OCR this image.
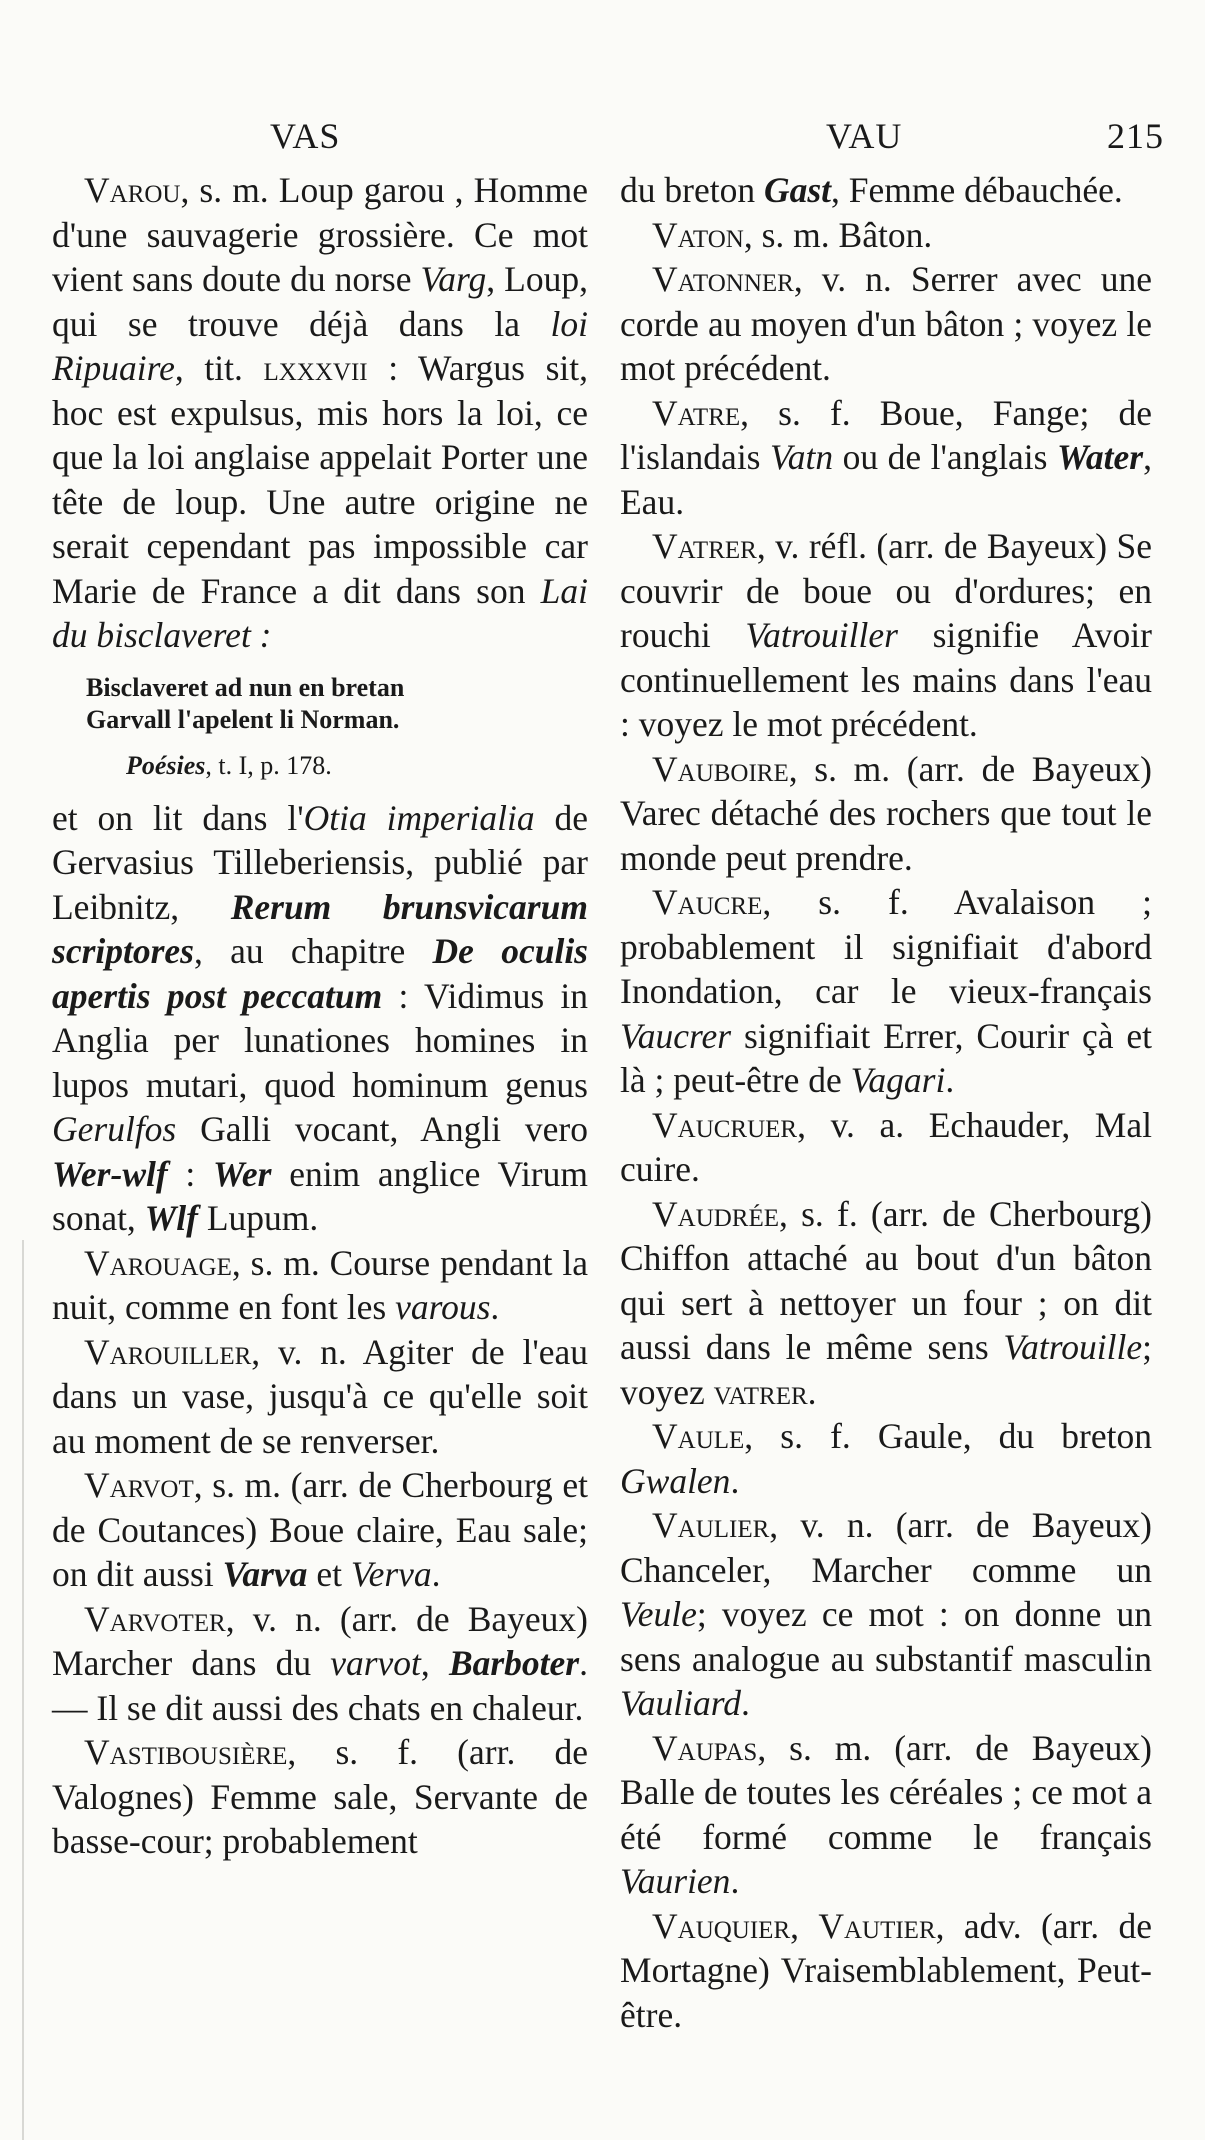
VAS	VAU	215

Varou, s. m. Loup garou , Homme d'une sauvagerie grossière. Ce mot vient sans doute du norse Varg, Loup, qui se trouve déjà dans la loi Ripuaire, tit. lxxxvii : Wargus sit, hoc est expulsus, mis hors la loi, ce que la loi anglaise appelait Porter une tête de loup. Une autre origine ne serait cependant pas impossible car Marie de France a dit dans son Lai du bisclaveret :

Bisclaveret ad nun en bretan
Garvall l'apelent li Norman.
Poésies, t. I, p. 178.

et on lit dans l'Otia imperialia de Gervasius Tilleberiensis, publié par Leibnitz, Rerum brunsvicarum scriptores, au chapitre De oculis apertis post peccatum : Vidimus in Anglia per lunationes homines in lupos mutari, quod hominum genus Gerulfos Galli vocant, Angli vero Wer-wlf : Wer enim anglice Virum sonat, Wlf Lupum.

Varouage, s. m. Course pendant la nuit, comme en font les varous.

Varouiller, v. n. Agiter de l'eau dans un vase, jusqu'à ce qu'elle soit au moment de se renverser.

Varvot, s. m. (arr. de Cherbourg et de Coutances) Boue claire, Eau sale; on dit aussi Varva et Verva.

Varvoter, v. n. (arr. de Bayeux) Marcher dans du varvot, Barboter. — Il se dit aussi des chats en chaleur.

Vastibousière, s. f. (arr. de Valognes) Femme sale, Servante de basse-cour; probablement

du breton Gast, Femme débauchée.

Vaton, s. m. Bâton.

Vatonner, v. n. Serrer avec une corde au moyen d'un bâton ; voyez le mot précédent.

Vatre, s. f. Boue, Fange; de l'islandais Vatn ou de l'anglais Water, Eau.

Vatrer, v. réfl. (arr. de Bayeux) Se couvrir de boue ou d'ordures; en rouchi Vatrouiller signifie Avoir continuellement les mains dans l'eau : voyez le mot précédent.

Vauboire, s. m. (arr. de Bayeux) Varec détaché des rochers que tout le monde peut prendre.

Vaucre, s. f. Avalaison ; probablement il signifiait d'abord Inondation, car le vieux-français Vaucrer signifiait Errer, Courir çà et là ; peut-être de Vagari.

Vaucruer, v. a. Echauder, Mal cuire.

Vaudrée, s. f. (arr. de Cherbourg) Chiffon attaché au bout d'un bâton qui sert à nettoyer un four ; on dit aussi dans le même sens Vatrouille; voyez vatrer.

Vaule, s. f. Gaule, du breton Gwalen.

Vaulier, v. n. (arr. de Bayeux) Chanceler, Marcher comme un Veule; voyez ce mot : on donne un sens analogue au substantif masculin Vauliard.

Vaupas, s. m. (arr. de Bayeux) Balle de toutes les céréales ; ce mot a été formé comme le français Vaurien.

Vauquier, Vautier, adv. (arr. de Mortagne) Vraisemblablement, Peut-être.
